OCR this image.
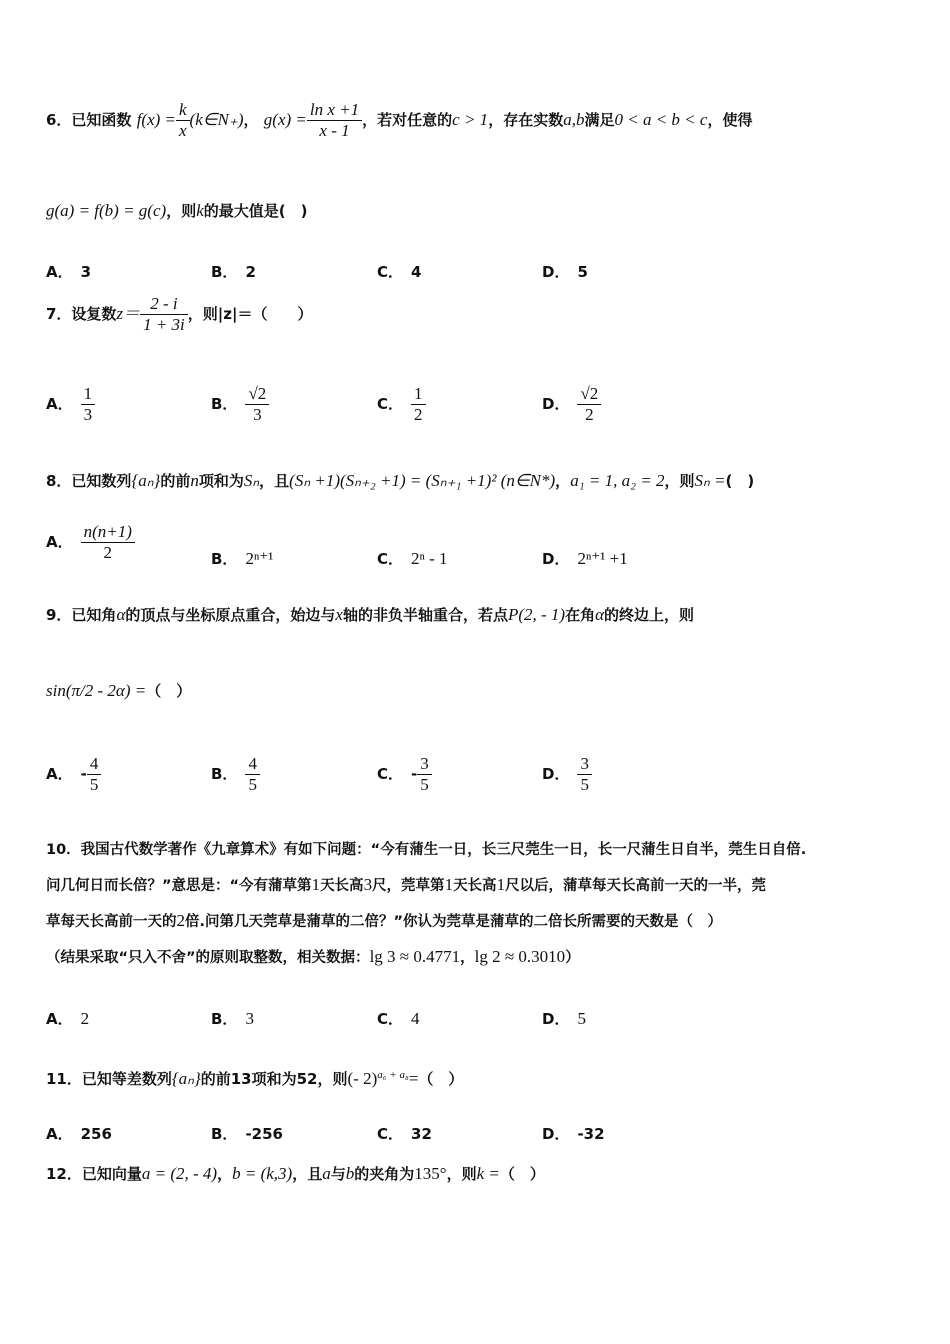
6．已知函数 $f(x) = \frac{k}{x}$ (k∈N₊)， $g(x) = \frac{\text{ln x +1}}{x - 1}$ ，若对任意的c > 1，存在实数a,b满足0 < a < b < c，使得
g(a) = f(b) = g(c)，则k的最大值是(　)
A． 3	B． 2	C． 4	D． 5
7．设复数$z= \frac{2 - i}{1 + 3i}$ ，则|z|＝（　　）
A． $\frac{1}{3}$	B． $\frac{√2}{3}$	C． $\frac{1}{2}$	D． $\frac{√2}{2}$
8．已知数列{aₙ}的前n项和为Sₙ，且(Sₙ +1)(Sₙ₊₂ +1) = (Sₙ₊₁ +1)² (n∈N*)，a₁ = 1, a₂ = 2，则Sₙ =(　)
A． $\frac{n(n+1)}{2}$	B． 2ⁿ⁺¹	C． 2ⁿ - 1	D． 2ⁿ⁺¹ +1
9．已知角α的顶点与坐标原点重合，始边与x轴的非负半轴重合，若点P(2, - 1)在角α的终边上，则
sin(π/2 - 2α) =（　）
A． - $\frac{4}{5}$	B． $\frac{4}{5}$	C． - $\frac{3}{5}$	D． $\frac{3}{5}$
10．我国古代数学著作《九章算术》有如下问题：“今有蒲生一日，长三尺莞生一日，长一尺蒲生日自半，莞生日自倍.
问几何日而长倍？”意思是：“今有蒲草第1天长高3尺，莞草第1天长高1尺以后，蒲草每天长高前一天的一半，莞
草每天长高前一天的2倍.问第几天莞草是蒲草的二倍？”你认为莞草是蒲草的二倍长所需要的天数是（　）
（结果采取“只入不舍”的原则取整数，相关数据：lg 3 ≈ 0.4771，lg 2 ≈ 0.3010）
A． 2	B． 3	C． 4	D． 5
11．已知等差数列{aₙ}的前13项和为52，则(- 2)$^{a_6 + a_8}$=（　）
A． 256	B． -256	C． 32	D． -32
12．已知向量a = (2, - 4)，b = (k,3)，且a与b的夹角为135°，则k =（　）
